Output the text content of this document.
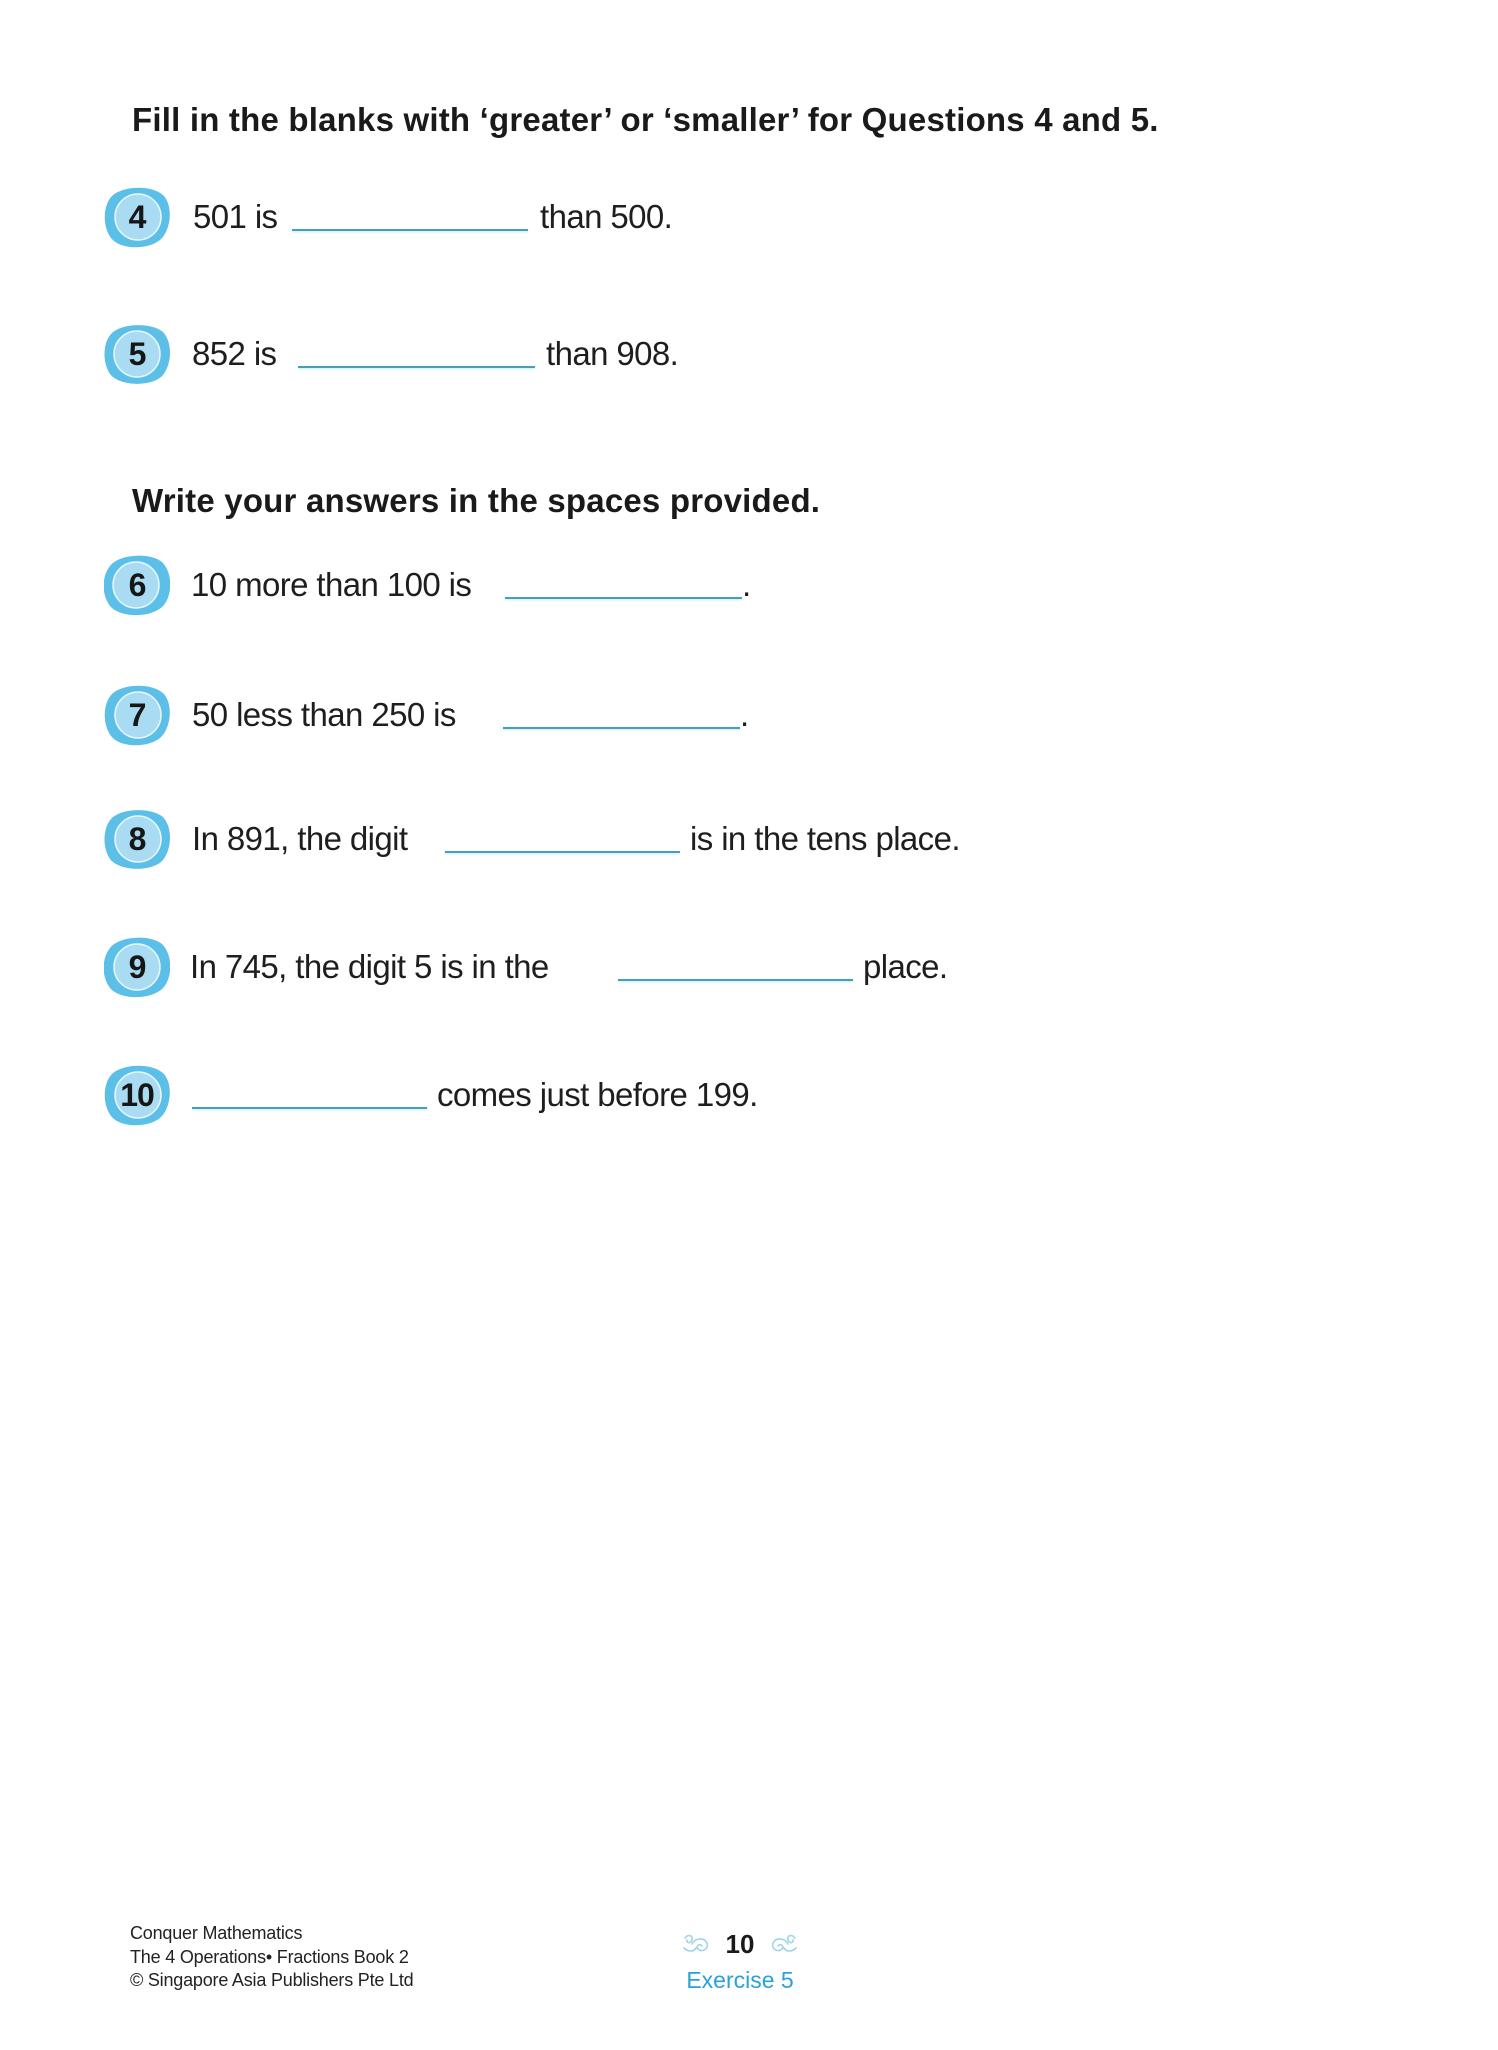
Fill in the blanks with ‘greater’ or ‘smaller’ for Questions 4 and 5.
4	501 is	than 500.
5	852 is	than 908.
Write your answers in the spaces provided.
6	10 more than 100 is	.
7	50 less than 250 is	.
8	In 891, the digit	is in the tens place.
9	In 745, the digit 5 is in the	place.
10	comes just before 199.
Conquer Mathematics
The 4 Operations• Fractions Book 2
© Singapore Asia Publishers Pte Ltd
10
Exercise 5
